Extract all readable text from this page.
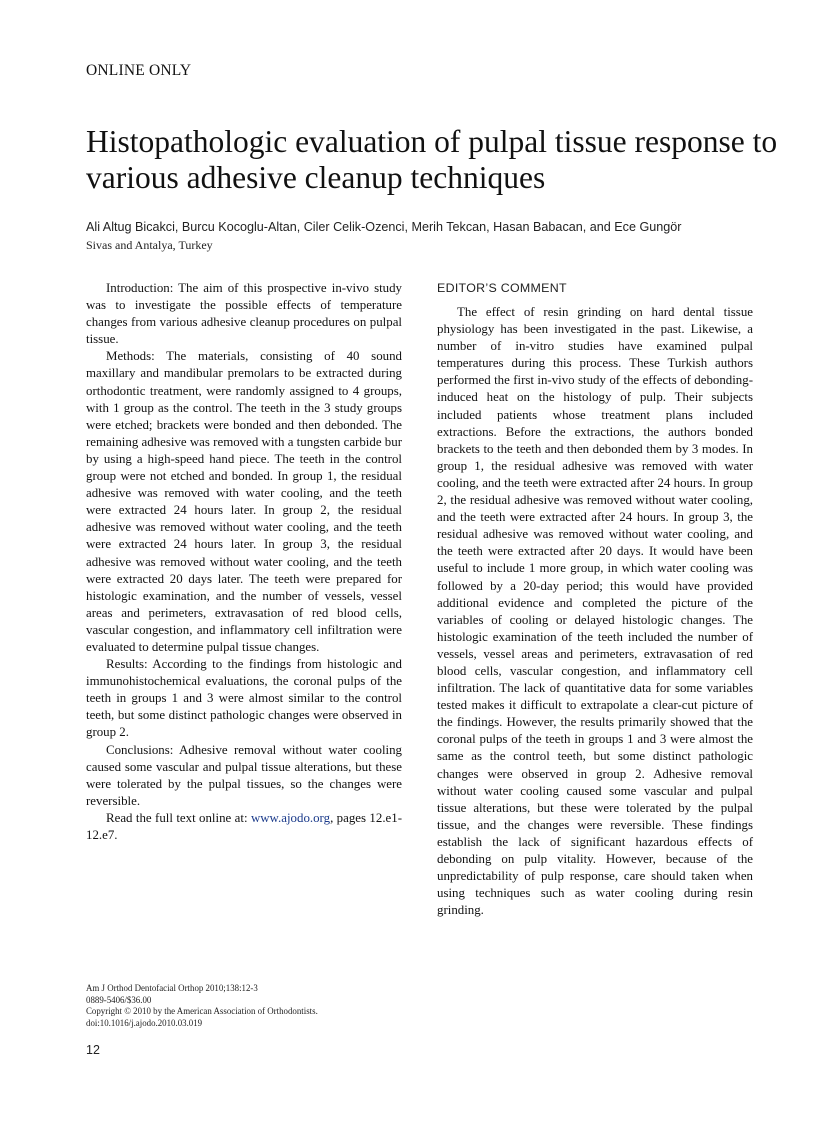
ONLINE ONLY
Histopathologic evaluation of pulpal tissue response to various adhesive cleanup techniques
Ali Altug Bicakci, Burcu Kocoglu-Altan, Ciler Celik-Ozenci, Merih Tekcan, Hasan Babacan, and Ece Gungör
Sivas and Antalya, Turkey

Introduction: The aim of this prospective in-vivo study was to investigate the possible effects of temperature changes from various adhesive cleanup procedures on pulpal tissue.

Methods: The materials, consisting of 40 sound maxillary and mandibular premolars to be extracted during orthodontic treatment, were randomly assigned to 4 groups, with 1 group as the control. The teeth in the 3 study groups were etched; brackets were bonded and then debonded. The remaining adhesive was removed with a tungsten carbide bur by using a high-speed hand piece. The teeth in the control group were not etched and bonded. In group 1, the residual adhesive was removed with water cooling, and the teeth were extracted 24 hours later. In group 2, the residual adhesive was removed without water cooling, and the teeth were extracted 24 hours later. In group 3, the residual adhesive was removed without water cooling, and the teeth were extracted 20 days later. The teeth were prepared for histologic examination, and the number of vessels, vessel areas and perimeters, extravasation of red blood cells, vascular congestion, and inflammatory cell infiltration were evaluated to determine pulpal tissue changes.

Results: According to the findings from histologic and immunohistochemical evaluations, the coronal pulps of the teeth in groups 1 and 3 were almost similar to the control teeth, but some distinct pathologic changes were observed in group 2.

Conclusions: Adhesive removal without water cooling caused some vascular and pulpal tissue alterations, but these were tolerated by the pulpal tissues, so the changes were reversible.

Read the full text online at: www.ajodo.org, pages 12.e1-12.e7.

EDITOR’S COMMENT

The effect of resin grinding on hard dental tissue physiology has been investigated in the past. Likewise, a number of in-vitro studies have examined pulpal temperatures during this process. These Turkish authors performed the first in-vivo study of the effects of debonding-induced heat on the histology of pulp. Their subjects included patients whose treatment plans included extractions. Before the extractions, the authors bonded brackets to the teeth and then debonded them by 3 modes. In group 1, the residual adhesive was removed with water cooling, and the teeth were extracted after 24 hours. In group 2, the residual adhesive was removed without water cooling, and the teeth were extracted after 24 hours. In group 3, the residual adhesive was removed without water cooling, and the teeth were extracted after 20 days. It would have been useful to include 1 more group, in which water cooling was followed by a 20-day period; this would have provided additional evidence and completed the picture of the variables of cooling or delayed histologic changes. The histologic examination of the teeth included the number of vessels, vessel areas and perimeters, extravasation of red blood cells, vascular congestion, and inflammatory cell infiltration. The lack of quantitative data for some variables tested makes it difficult to extrapolate a clear-cut picture of the findings. However, the results primarily showed that the coronal pulps of the teeth in groups 1 and 3 were almost the same as the control teeth, but some distinct pathologic changes were observed in group 2. Adhesive removal without water cooling caused some vascular and pulpal tissue alterations, but these were tolerated by the pulpal tissue, and the changes were reversible. These findings establish the lack of significant hazardous effects of debonding on pulp vitality. However, because of the unpredictability of pulp response, care should taken when using techniques such as water cooling during resin grinding.

Am J Orthod Dentofacial Orthop 2010;138:12-3
0889-5406/$36.00
Copyright © 2010 by the American Association of Orthodontists.
doi:10.1016/j.ajodo.2010.03.019
12
